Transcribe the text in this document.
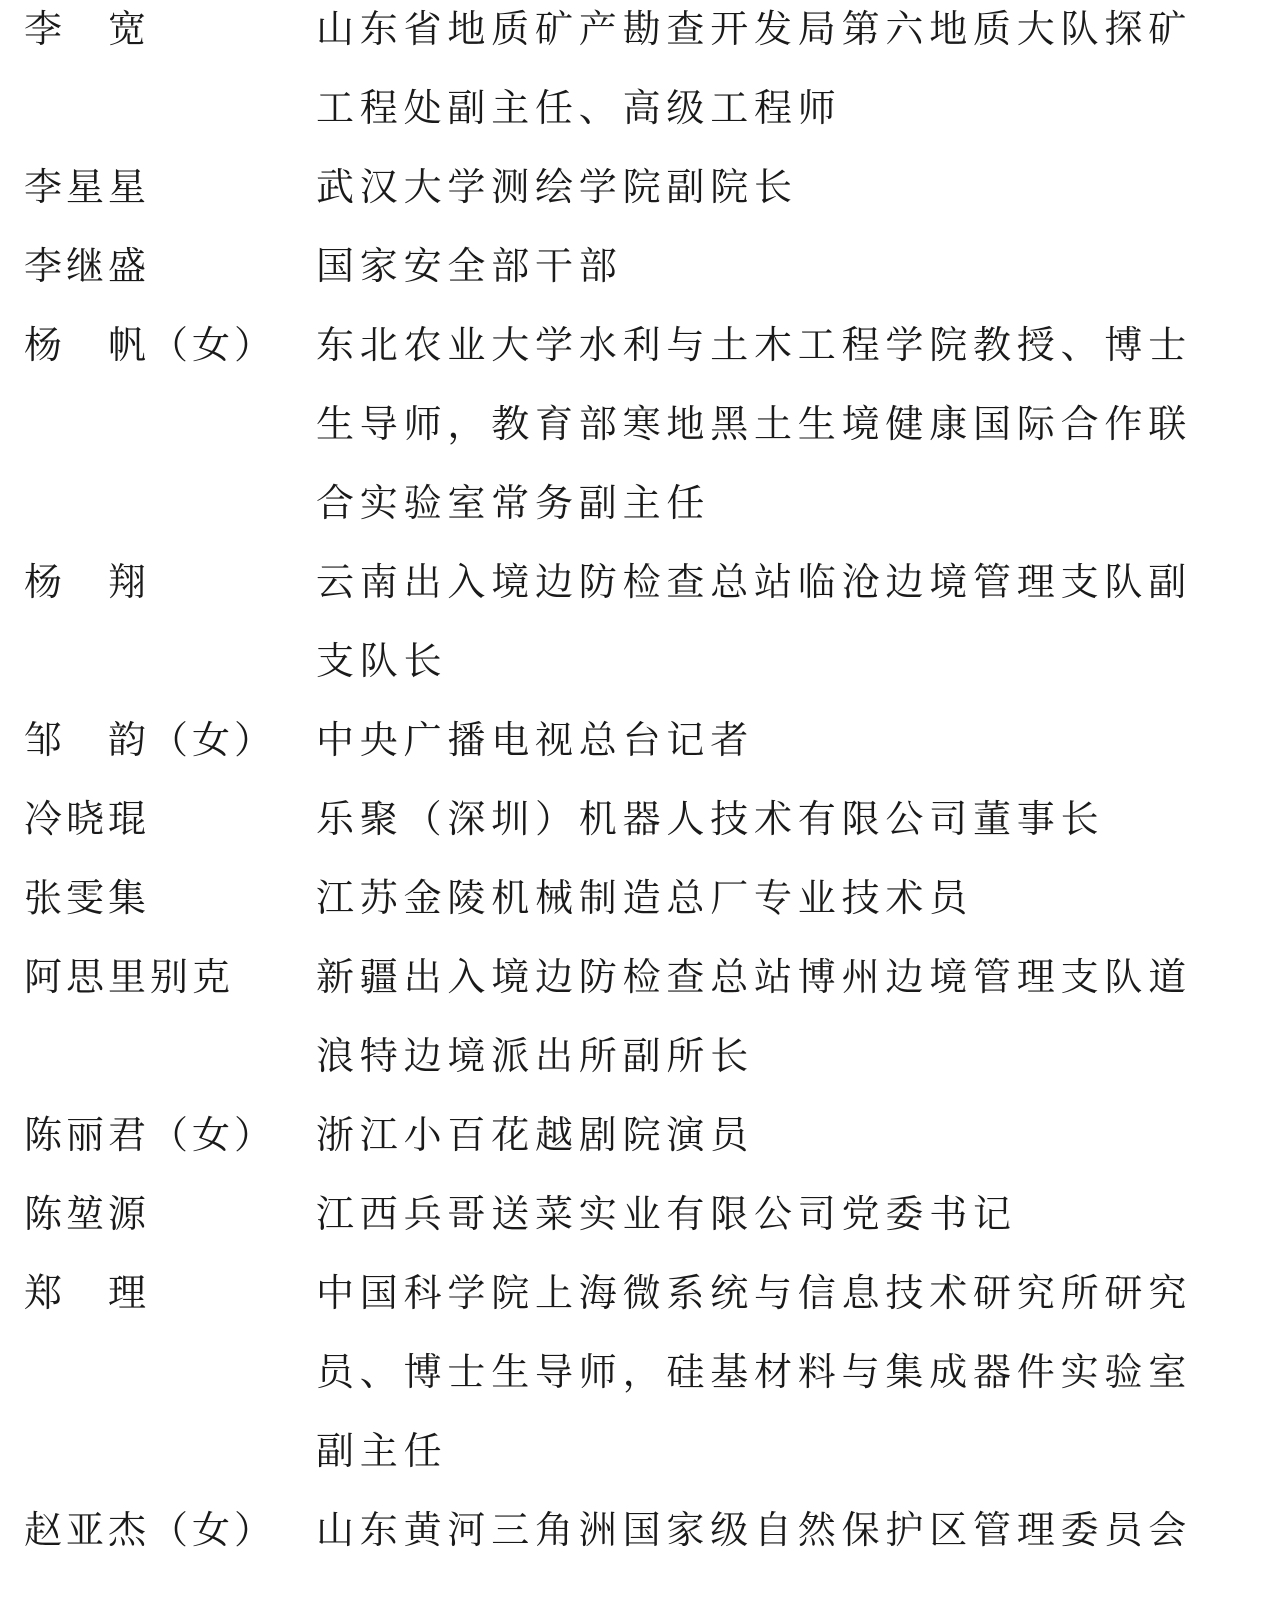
李　宽	山东省地质矿产勘查开发局第六地质大队探矿
工程处副主任、高级工程师
李星星	武汉大学测绘学院副院长
李继盛	国家安全部干部
杨　帆（女）	东北农业大学水利与土木工程学院教授、博士
生导师，教育部寒地黑土生境健康国际合作联
合实验室常务副主任
杨　翔	云南出入境边防检查总站临沧边境管理支队副
支队长
邹　韵（女）	中央广播电视总台记者
冷晓琨	乐聚（深圳）机器人技术有限公司董事长
张雯集	江苏金陵机械制造总厂专业技术员
阿思里别克	新疆出入境边防检查总站博州边境管理支队道
浪特边境派出所副所长
陈丽君（女）	浙江小百花越剧院演员
陈堃源	江西兵哥送菜实业有限公司党委书记
郑　理	中国科学院上海微系统与信息技术研究所研究
员、博士生导师，硅基材料与集成器件实验室
副主任
赵亚杰（女）	山东黄河三角洲国家级自然保护区管理委员会
